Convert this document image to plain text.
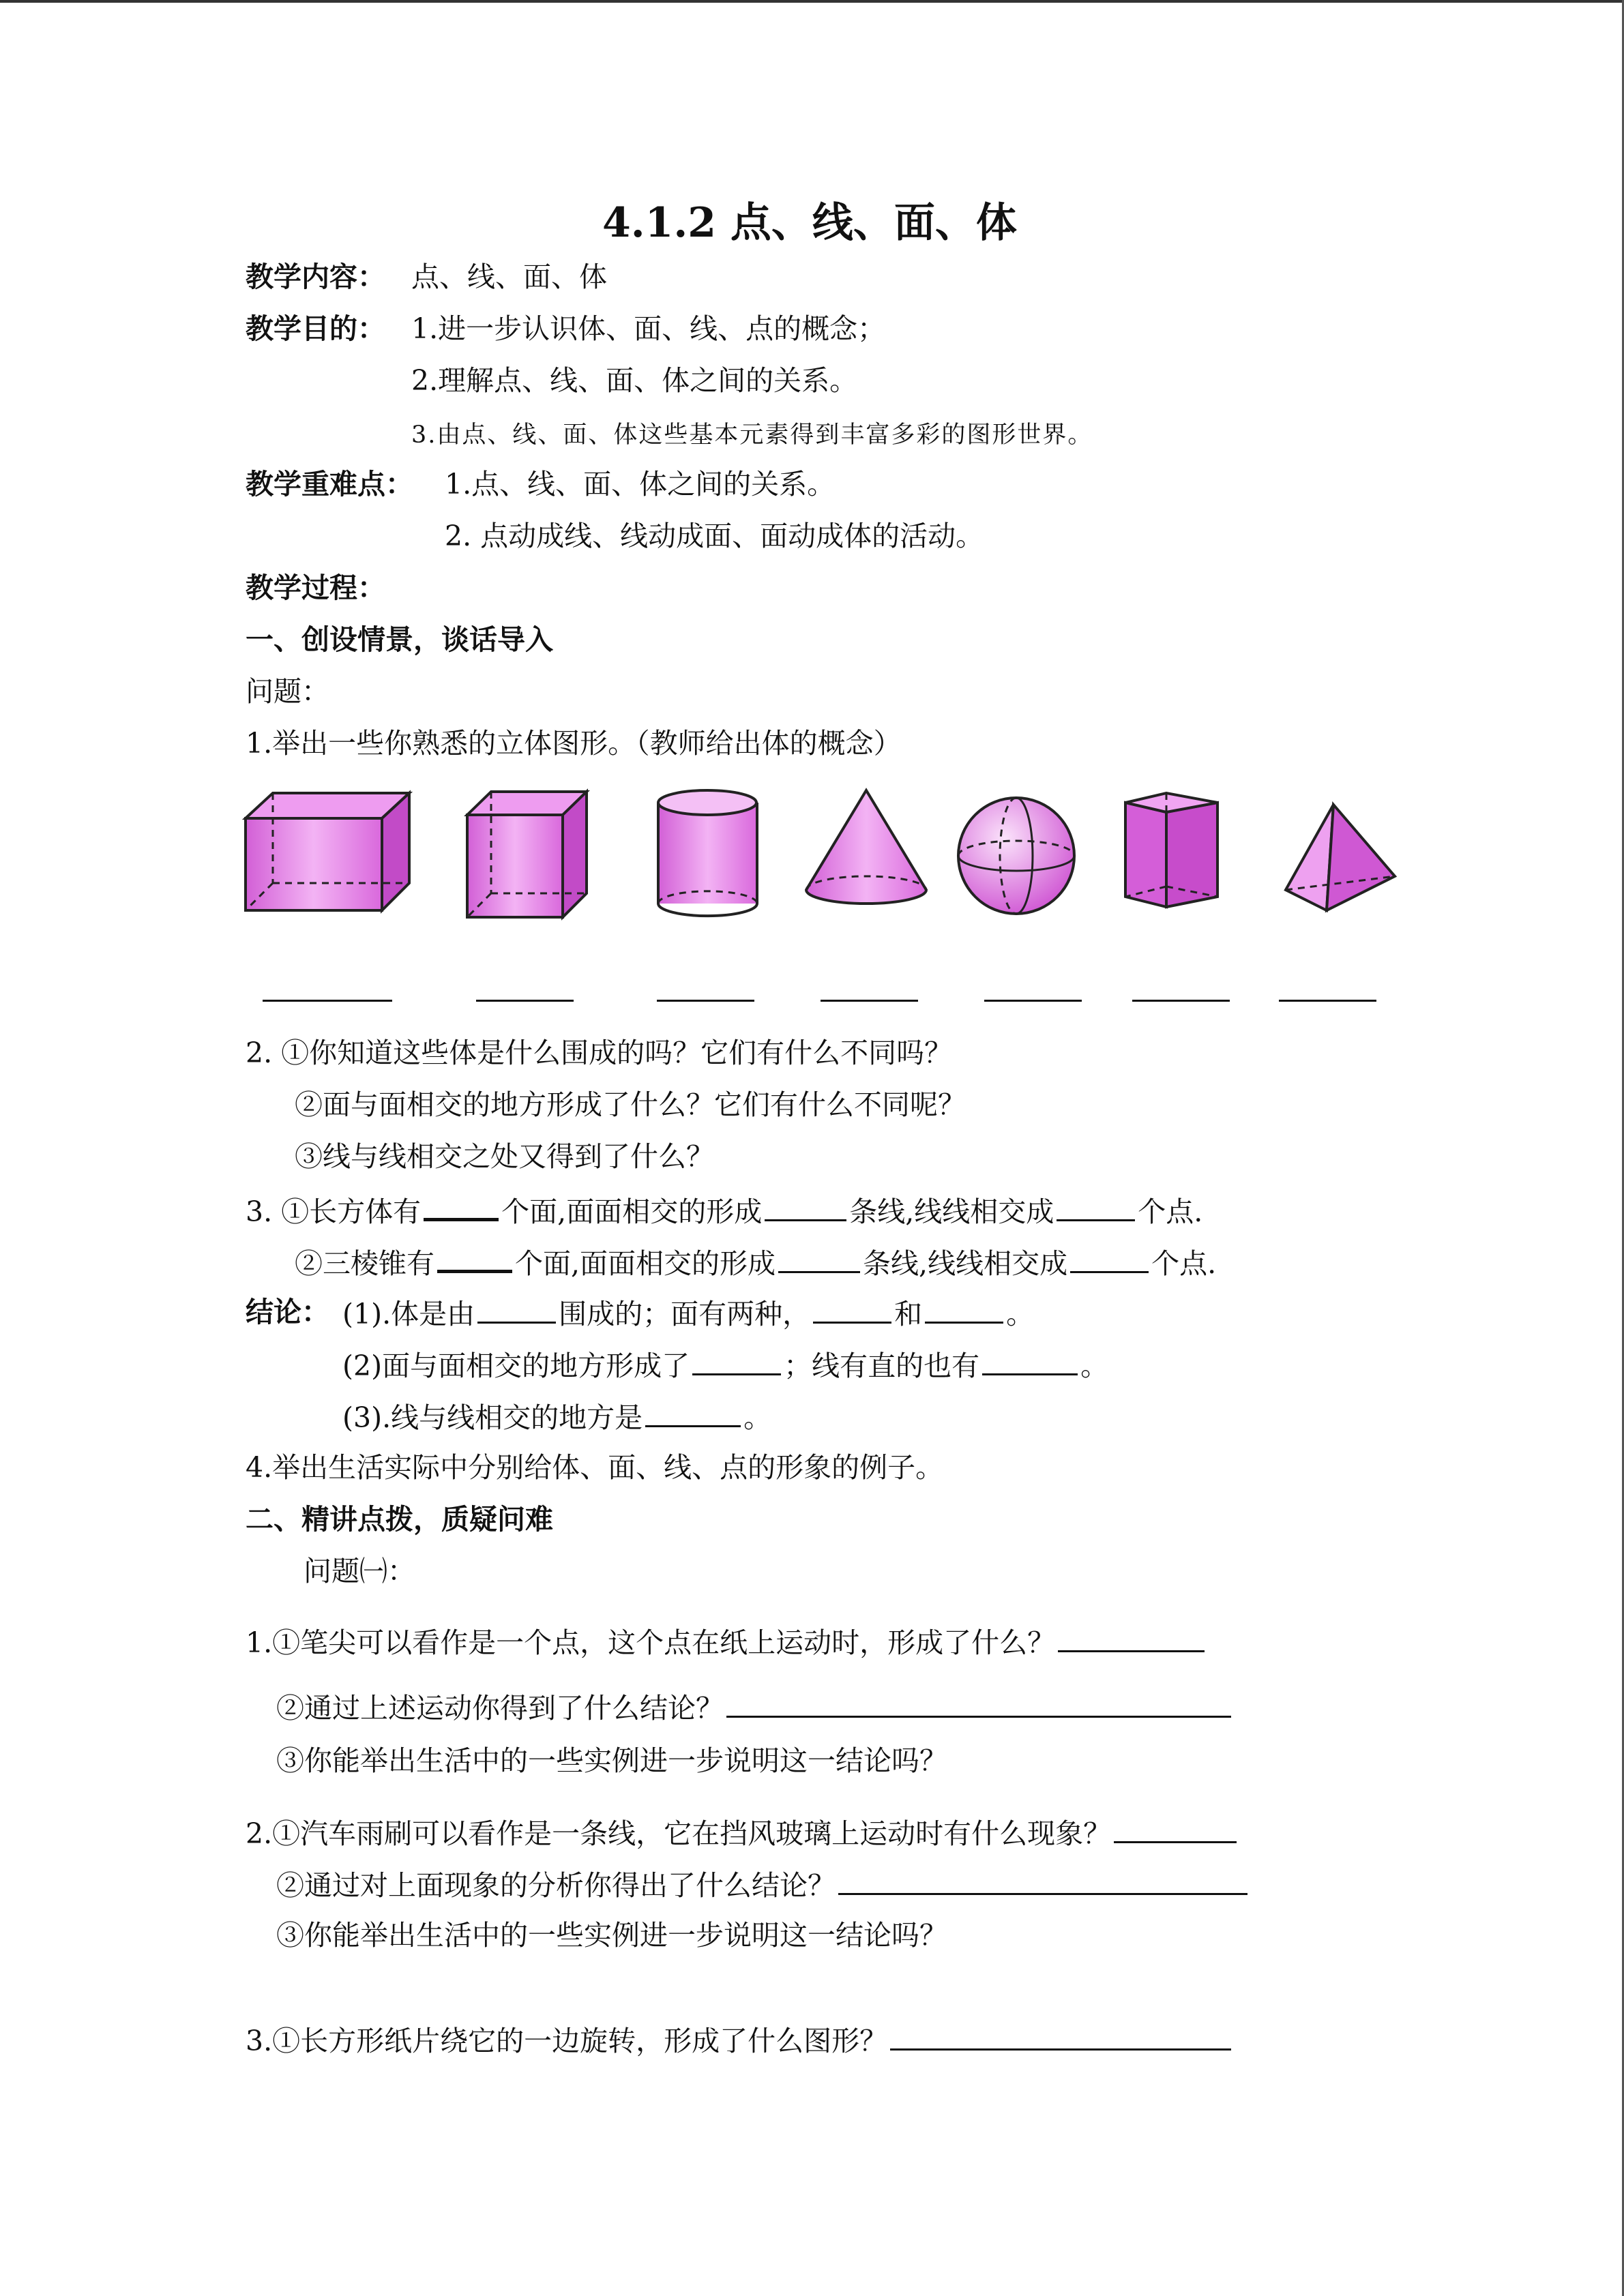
4.1.2 点、线、面、体
教学内容： 点、线、面、体
教学目的： 1.进一步认识体、面、线、点的概念；
2.理解点、线、面、体之间的关系。
3.由点、线、面、体这些基本元素得到丰富多彩的图形世界。
教学重难点： 1.点、线、面、体之间的关系。
2. 点动成线、线动成面、面动成体的活动。
教学过程：
一、创设情景，谈话导入
问题：
1.举出一些你熟悉的立体图形。（教师给出体的概念）
2. ①你知道这些体是什么围成的吗？它们有什么不同吗？
②面与面相交的地方形成了什么？它们有什么不同呢？
③线与线相交之处又得到了什么？
3. ①长方体有	个面,面面相交的形成	条线,线线相交成	个点.
②三棱锥有	个面,面面相交的形成	条线,线线相交成	个点.
结论： (1).体是由	围成的；面有两种，	和	。
(2)面与面相交的地方形成了	；线有直的也有	。
(3).线与线相交的地方是	。
4.举出生活实际中分别给体、面、线、点的形象的例子。
二、精讲点拨，质疑问难
问题㈠：
1.①笔尖可以看作是一个点，这个点在纸上运动时，形成了什么？
②通过上述运动你得到了什么结论？
③你能举出生活中的一些实例进一步说明这一结论吗？
2.①汽车雨刷可以看作是一条线，它在挡风玻璃上运动时有什么现象？
②通过对上面现象的分析你得出了什么结论？
③你能举出生活中的一些实例进一步说明这一结论吗？
3.①长方形纸片绕它的一边旋转，形成了什么图形？
